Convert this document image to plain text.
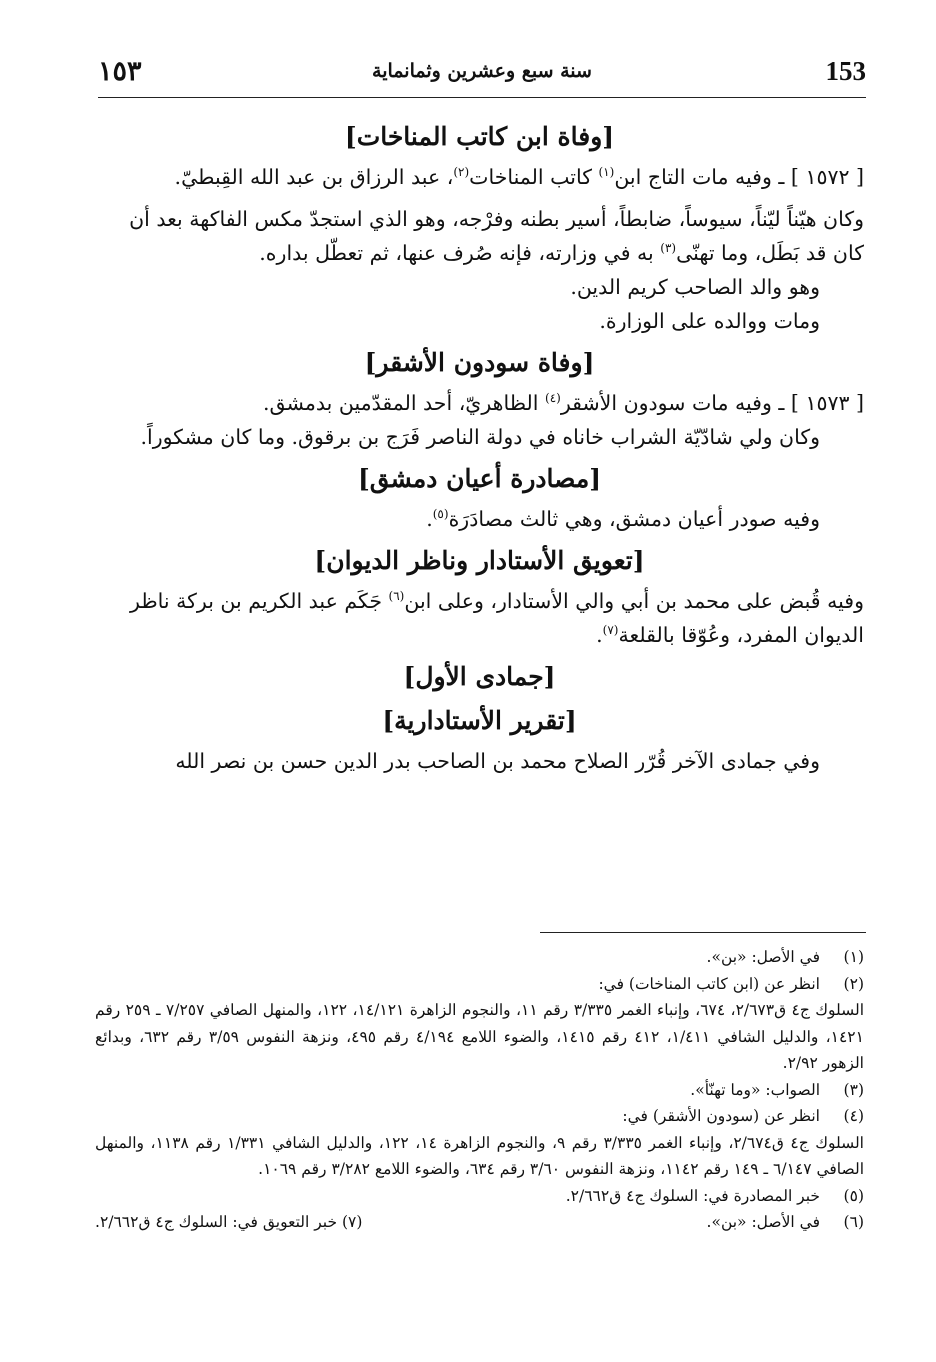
١٥٣	سنة سبع وعشرين وثمانماية	153
[وفاة ابن كاتب المناخات]

[ ١٥٧٢ ] ـ وفيه مات التاج ابن$^{(١)}$ كاتب المناخات$^{(٢)}$، عبد الرزاق بن عبد الله القِبطيّ.

وكان هيّناً ليّناً، سيوساً، ضابطاً، أسير بطنه وفرْجه، وهو الذي استجدّ مكس الفاكهة بعد أن كان قد بَطَل، وما تهنّى$^{(٣)}$ به في وزارته، فإنه صُرف عنها، ثم تعطّل بداره.

وهو والد الصاحب كريم الدين.

ومات ووالده على الوزارة.

[وفاة سودون الأشقر]

[ ١٥٧٣ ] ـ وفيه مات سودون الأشقر$^{(٤)}$ الظاهريّ، أحد المقدّمين بدمشق.

وكان ولي شادّيّة الشراب خاناه في دولة الناصر فَرَج بن برقوق. وما كان مشكوراً.

[مصادرة أعيان دمشق]

وفيه صودر أعيان دمشق، وهي ثالث مصادَرَة$^{(٥)}$.

[تعويق الأستادار وناظر الديوان]

وفيه قُبض على محمد بن أبي والي الأستادار، وعلى ابن$^{(٦)}$ جَكَم عبد الكريم بن بركة ناظر الديوان المفرد، وعُوّقا بالقلعة$^{(٧)}$.

[جمادى الأول]
[تقرير الأستادارية]

وفي جمادى الآخر قُرّر الصلاح محمد بن الصاحب بدر الدين حسن بن نصر الله

(١)
في الأصل: «بن».
(٢)
انظر عن (ابن كاتب المناخات) في:

السلوك ج٤ ق٢/٦٧٣، ٦٧٤، وإنباء الغمر ٣/٣٣٥ رقم ١١، والنجوم الزاهرة ١٤/١٢١، ١٢٢، والمنهل الصافي ٧/٢٥٧ ـ ٢٥٩ رقم ١٤٢١، والدليل الشافي ١/٤١١، ٤١٢ رقم ١٤١٥، والضوء اللامع ٤/١٩٤ رقم ٤٩٥، ونزهة النفوس ٣/٥٩ رقم ٦٣٢، وبدائع الزهور ٢/٩٢.

(٣)
الصواب: «وما تهنّأ».
(٤)
انظر عن (سودون الأشقر) في:

السلوك ج٤ ق٢/٦٧٤، وإنباء الغمر ٣/٣٣٥ رقم ٩، والنجوم الزاهرة ١٤، ١٢٢، والدليل الشافي ١/٣٣١ رقم ١١٣٨، والمنهل الصافي ٦/١٤٧ ـ ١٤٩ رقم ١١٤٢، ونزهة النفوس ٣/٦٠ رقم ٦٣٤، والضوء اللامع ٣/٢٨٢ رقم ١٠٦٩.

(٥)
خبر المصادرة في: السلوك ج٤ ق٢/٦٦٢.
(٦)
في الأصل: «بن».
(٧) خبر التعويق في: السلوك ج٤ ق٢/٦٦٢.
